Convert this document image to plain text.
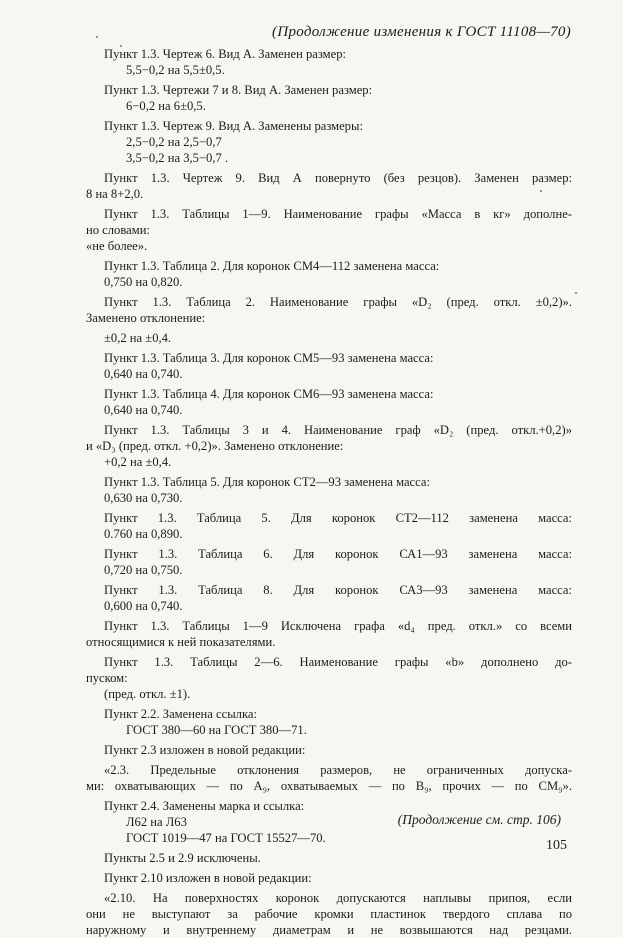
(Продолжение изменения к ГОСТ 11108—70)
Пункт 1.3. Чертеж 6. Вид А. Заменен размер:
5,5−0,2 на 5,5±0,5.
Пункт 1.3. Чертежи 7 и 8. Вид А. Заменен размер:
6−0,2 на 6±0,5.
Пункт 1.3. Чертеж 9. Вид А. Заменены размеры:
2,5−0,2 на 2,5−0,7
3,5−0,2 на 3,5−0,7 .
Пункт 1.3. Чертеж 9. Вид А повернуто (без резцов). Заменен размер:
8 на 8+2,0.
Пункт 1.3. Таблицы 1—9. Наименование графы «Масса в кг» дополне-
но словами:
«не более».
Пункт 1.3. Таблица 2. Для коронок СМ4—112 заменена масса:
0,750 на 0,820.
Пункт 1.3. Таблица 2. Наименование графы «D₂ (пред. откл. ±0,2)».
Заменено отклонение:
±0,2 на ±0,4.
Пункт 1.3. Таблица 3. Для коронок СМ5—93 заменена масса:
0,640 на 0,740.
Пункт 1.3. Таблица 4. Для коронок СМ6—93 заменена масса:
0,640 на 0,740.
Пункт 1.3. Таблицы 3 и 4. Наименование граф «D₂ (пред. откл.+0,2)»
и «D₃ (пред. откл. +0,2)». Заменено отклонение:
+0,2 на ±0,4.
Пункт 1.3. Таблица 5. Для коронок СТ2—93 заменена масса:
0,630 на 0,730.
Пункт 1.3. Таблица 5. Для коронок СТ2—112 заменена масса:
0.760 на 0,890.
Пункт 1.3. Таблица 6. Для коронок СА1—93 заменена масса:
0,720 на 0,750.
Пункт 1.3. Таблица 8. Для коронок СА3—93 заменена масса:
0,600 на 0,740.
Пункт 1.3. Таблицы 1—9 Исключена графа «d₄ пред. откл.» со всеми
относящимися к ней показателями.
Пункт 1.3. Таблицы 2—6. Наименование графы «b» дополнено до-
пуском:
(пред. откл. ±1).
Пункт 2.2. Заменена ссылка:
ГОСТ 380—60 на ГОСТ 380—71.
Пункт 2.3 изложен в новой редакции:
«2.3. Предельные отклонения размеров, не ограниченных допуска-
ми: охватывающих — по A₉, охватываемых — по B₉, прочих — по CM₉».
Пункт 2.4. Заменены марка и ссылка:
Л62 на Л63
ГОСТ 1019—47 на ГОСТ 15527—70.
Пункты 2.5 и 2.9 исключены.
Пункт 2.10 изложен в новой редакции:
«2.10. На поверхностях коронок допускаются наплывы припоя, если
они не выступают за рабочие кромки пластинок твердого сплава по
наружному и внутреннему диаметрам и не возвышаются над резцами.
(Продолжение см. стр. 106)
105
